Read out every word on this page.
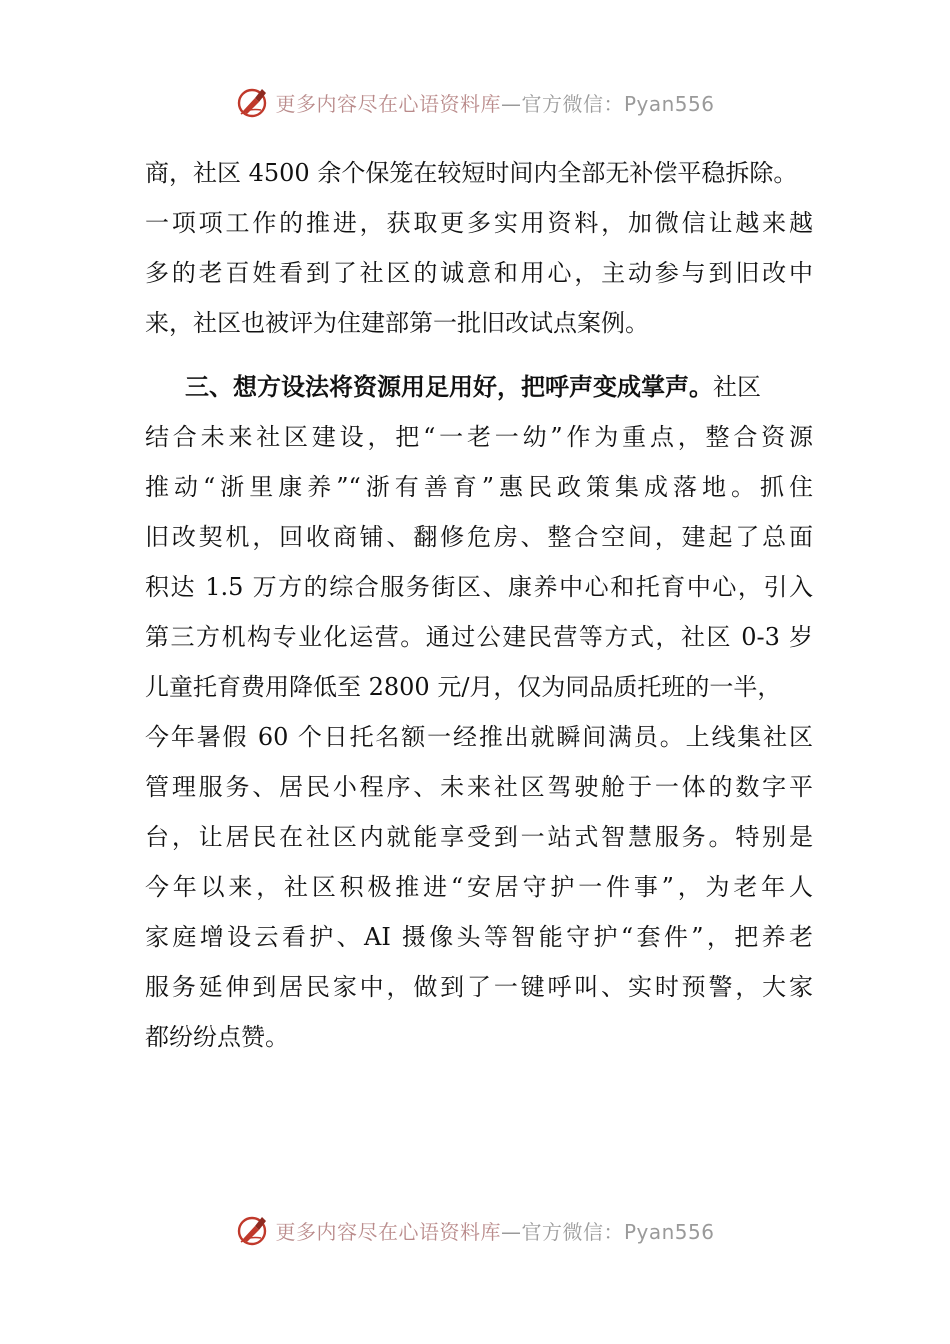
更多内容尽在心语资料库—官方微信：Pyan556
商，社区 4500 余个保笼在较短时间内全部无补偿平稳拆除。
一项项工作的推进，获取更多实用资料，加微信让越来越
多的老百姓看到了社区的诚意和用心，主动参与到旧改中
来，社区也被评为住建部第一批旧改试点案例。
三、想方设法将资源用足用好，把呼声变成掌声。社区
结合未来社区建设，把“一老一幼”作为重点，整合资源
推动“浙里康养”“浙有善育”惠民政策集成落地。抓住
旧改契机，回收商铺、翻修危房、整合空间，建起了总面
积达 1.5 万方的综合服务街区、康养中心和托育中心，引入
第三方机构专业化运营。通过公建民营等方式，社区 0-3 岁
儿童托育费用降低至 2800 元/月，仅为同品质托班的一半，
今年暑假 60 个日托名额一经推出就瞬间满员。上线集社区
管理服务、居民小程序、未来社区驾驶舱于一体的数字平
台，让居民在社区内就能享受到一站式智慧服务。特别是
今年以来，社区积极推进“安居守护一件事”，为老年人
家庭增设云看护、AI 摄像头等智能守护“套件”，把养老
服务延伸到居民家中，做到了一键呼叫、实时预警，大家
都纷纷点赞。
更多内容尽在心语资料库—官方微信：Pyan556
